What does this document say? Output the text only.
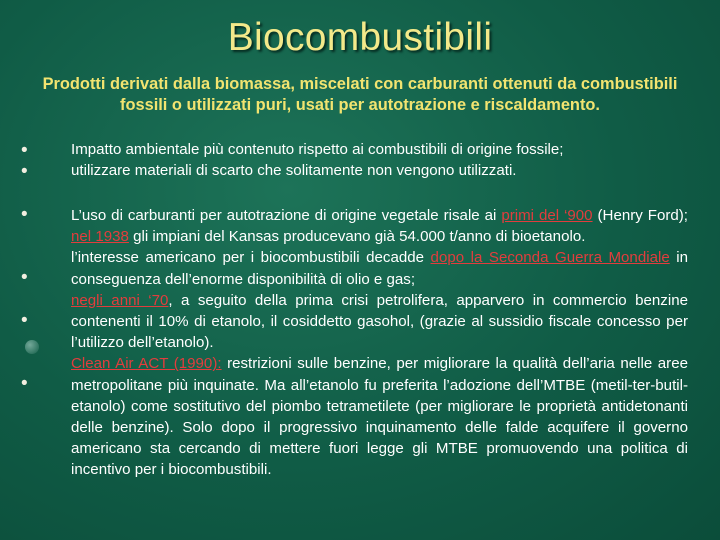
Biocombustibili
Prodotti derivati dalla biomassa, miscelati con carburanti ottenuti da combustibili fossili o utilizzati puri, usati per autotrazione e riscaldamento.
•
•
•
•
•
•

Impatto ambientale più contenuto rispetto ai combustibili di origine fossile;

utilizzare materiali di scarto che solitamente non vengono utilizzati.

L’uso di carburanti per autotrazione di origine vegetale risale ai primi del ‘900 (Henry Ford); nel 1938 gli impiani del Kansas producevano già 54.000 t/anno di bioetanolo.

l’interesse americano per i biocombustibili decadde dopo la Seconda Guerra Mondiale in conseguenza dell’enorme disponibilità di olio e gas;

negli anni ‘70, a seguito della prima crisi petrolifera, apparvero in commercio benzine contenenti il 10% di etanolo, il cosiddetto gasohol, (grazie al sussidio fiscale concesso per l’utilizzo dell’etanolo).

Clean Air ACT (1990): restrizioni sulle benzine, per migliorare la qualità dell’aria nelle aree metropolitane più inquinate. Ma all’etanolo fu preferita l’adozione dell’MTBE (metil-ter-butil-etanolo) come sostitutivo del piombo tetrametilete (per migliorare le proprietà antidetonanti delle benzine). Solo dopo il progressivo inquinamento delle falde acquifere il governo americano sta cercando di mettere fuori legge gli MTBE promuovendo una politica di incentivo per i biocombustibili.
